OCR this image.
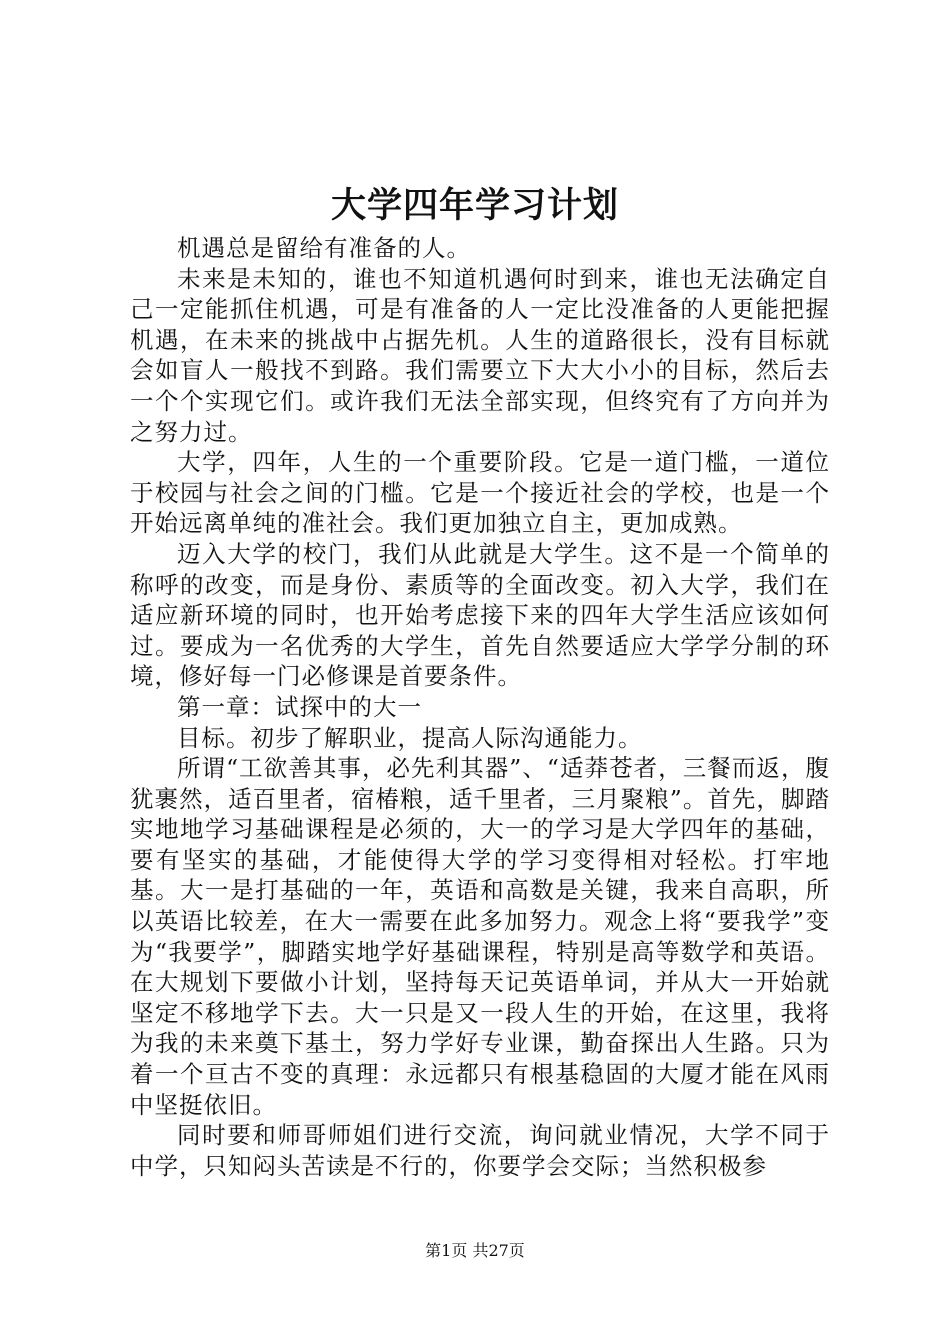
大学四年学习计划

机遇总是留给有准备的人。

未来是未知的，谁也不知道机遇何时到来，谁也无法确定自己一定能抓住机遇，可是有准备的人一定比没准备的人更能把握机遇，在未来的挑战中占据先机。人生的道路很长，没有目标就会如盲人一般找不到路。我们需要立下大大小小的目标，然后去一个个实现它们。或许我们无法全部实现，但终究有了方向并为之努力过。

大学，四年，人生的一个重要阶段。它是一道门槛，一道位于校园与社会之间的门槛。它是一个接近社会的学校，也是一个开始远离单纯的准社会。我们更加独立自主，更加成熟。

迈入大学的校门，我们从此就是大学生。这不是一个简单的称呼的改变，而是身份、素质等的全面改变。初入大学，我们在适应新环境的同时，也开始考虑接下来的四年大学生活应该如何过。要成为一名优秀的大学生，首先自然要适应大学学分制的环境，修好每一门必修课是首要条件。

第一章：试探中的大一

目标。初步了解职业，提高人际沟通能力。

所谓“工欲善其事，必先利其器”、“适莽苍者，三餐而返，腹犹裹然，适百里者，宿椿粮，适千里者，三月聚粮”。首先，脚踏实地地学习基础课程是必须的，大一的学习是大学四年的基础，要有坚实的基础，才能使得大学的学习变得相对轻松。打牢地基。大一是打基础的一年，英语和高数是关键，我来自高职，所以英语比较差，在大一需要在此多加努力。观念上将“要我学”变为“我要学”，脚踏实地学好基础课程，特别是高等数学和英语。在大规划下要做小计划，坚持每天记英语单词，并从大一开始就坚定不移地学下去。大一只是又一段人生的开始，在这里，我将为我的未来奠下基土，努力学好专业课，勤奋探出人生路。只为着一个亘古不变的真理：永远都只有根基稳固的大厦才能在风雨中坚挺依旧。

同时要和师哥师姐们进行交流，询问就业情况，大学不同于中学，只知闷头苦读是不行的，你要学会交际；当然积极参

第1页 共27页
